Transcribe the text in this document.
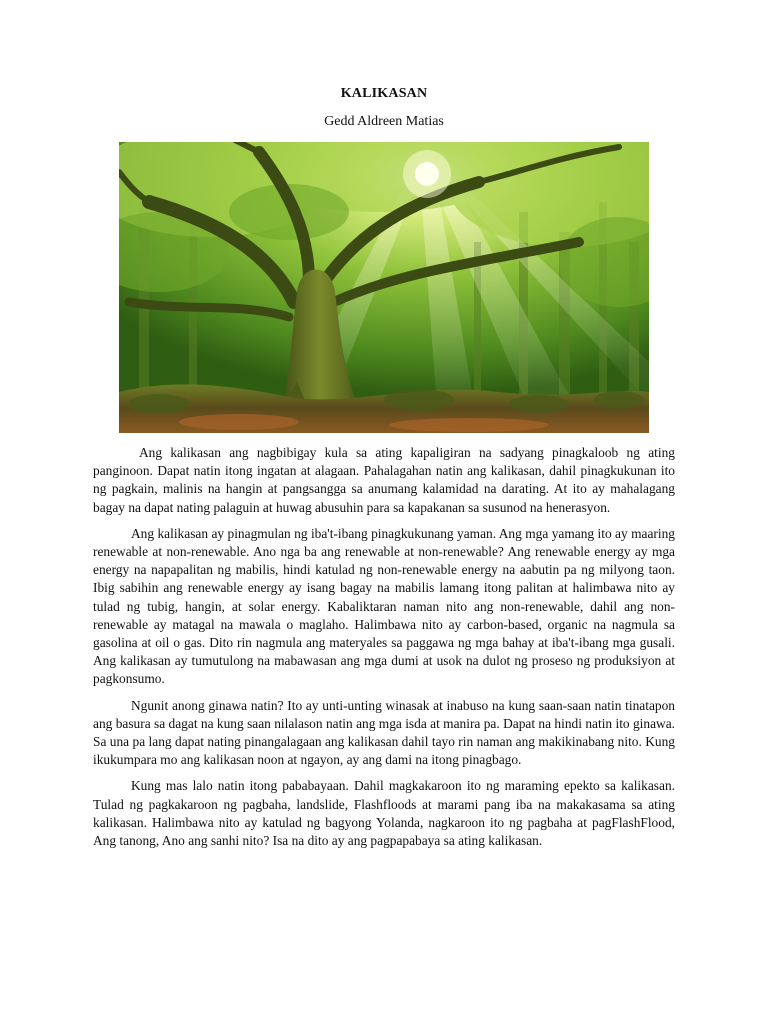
KALIKASAN
Gedd Aldreen Matias

Ang kalikasan ang nagbibigay kula sa ating kapaligiran na sadyang pinagkaloob ng ating panginoon. Dapat natin itong ingatan at alagaan. Pahalagahan natin ang kalikasan, dahil pinagkukunan ito ng pagkain, malinis na hangin at pangsangga sa anumang kalamidad na darating. At ito ay mahalagang bagay na dapat nating palaguin at huwag abusuhin para sa kapakanan sa susunod na henerasyon.

Ang kalikasan ay pinagmulan ng iba't-ibang pinagkukunang yaman. Ang mga yamang ito ay maaring renewable at non-renewable. Ano nga ba ang renewable at non-renewable? Ang renewable energy ay mga energy na napapalitan ng mabilis, hindi katulad ng non-renewable energy na aabutin pa ng milyong taon. Ibig sabihin ang renewable energy ay isang bagay na mabilis lamang itong palitan at halimbawa nito ay tulad ng tubig, hangin, at solar energy. Kabaliktaran naman nito ang non-renewable, dahil ang non-renewable ay matagal na mawala o maglaho. Halimbawa nito ay carbon-based, organic na nagmula sa gasolina at oil o gas. Dito rin nagmula ang materyales sa paggawa ng mga bahay at iba't-ibang mga gusali. Ang kalikasan ay tumutulong na mabawasan ang mga dumi at usok na dulot ng proseso ng produksiyon at pagkonsumo.

Ngunit anong ginawa natin? Ito ay unti-unting winasak at inabuso na kung saan-saan natin tinatapon ang basura sa dagat na kung saan nilalason natin ang mga isda at manira pa. Dapat na hindi natin ito ginawa. Sa una pa lang dapat nating pinangalagaan ang kalikasan dahil tayo rin naman ang makikinabang nito. Kung ikukumpara mo ang kalikasan noon at ngayon, ay ang dami na itong pinagbago.

Kung mas lalo natin itong pababayaan. Dahil magkakaroon ito ng maraming epekto sa kalikasan. Tulad ng pagkakaroon ng pagbaha, landslide, Flashfloods at marami pang iba na makakasama sa ating kalikasan. Halimbawa nito ay katulad ng bagyong Yolanda, nagkaroon ito ng pagbaha at pagFlashFlood, Ang tanong, Ano ang sanhi nito? Isa na dito ay ang pagpapabaya sa ating kalikasan.
